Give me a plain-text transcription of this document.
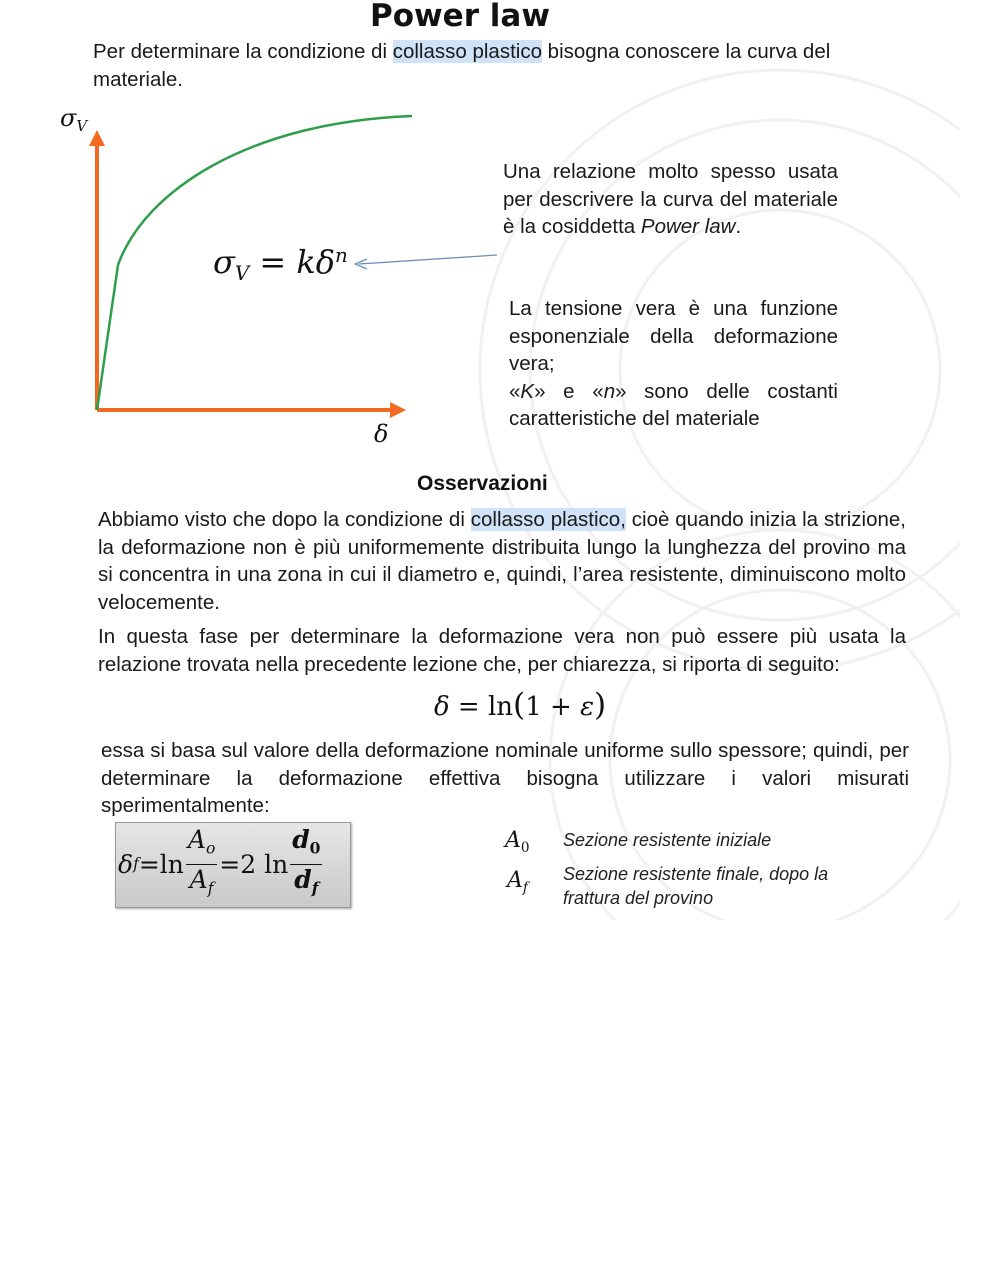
Power law
Per determinare la condizione di collasso plastico bisogna conoscere la curva del materiale.
$\sigma_V$
δ
$\sigma_V = k\delta^n$
Una relazione molto spesso usata per descrivere la curva del materiale è la cosiddetta Power law.
La tensione vera è una funzione esponenziale della deformazione vera;
«K» e «n» sono delle costanti caratteristiche del materiale
Osservazioni
Abbiamo visto che dopo la condizione di collasso plastico, cioè quando inizia la strizione, la deformazione non è più uniformemente distribuita lungo la lunghezza del provino ma si concentra in una zona in cui il diametro e, quindi, l’area resistente, diminuiscono molto velocemente.
In questa fase per determinare la deformazione vera non può essere più usata la relazione trovata nella precedente lezione che, per chiarezza, si riporta di seguito:
δ = ln(1 + ε)
essa si basa sul valore della deformazione nominale uniforme sullo spessore; quindi, per determinare la deformazione effettiva bisogna utilizzare i valori misurati sperimentalmente:
δ $f = \ln \frac{A_o}{A_f} = 2$ $\ln \frac{d_0}{d_f}$	$A_0$ Sezione resistente iniziale
$A_f$
Sezione resistente finale, dopo la frattura del provino
